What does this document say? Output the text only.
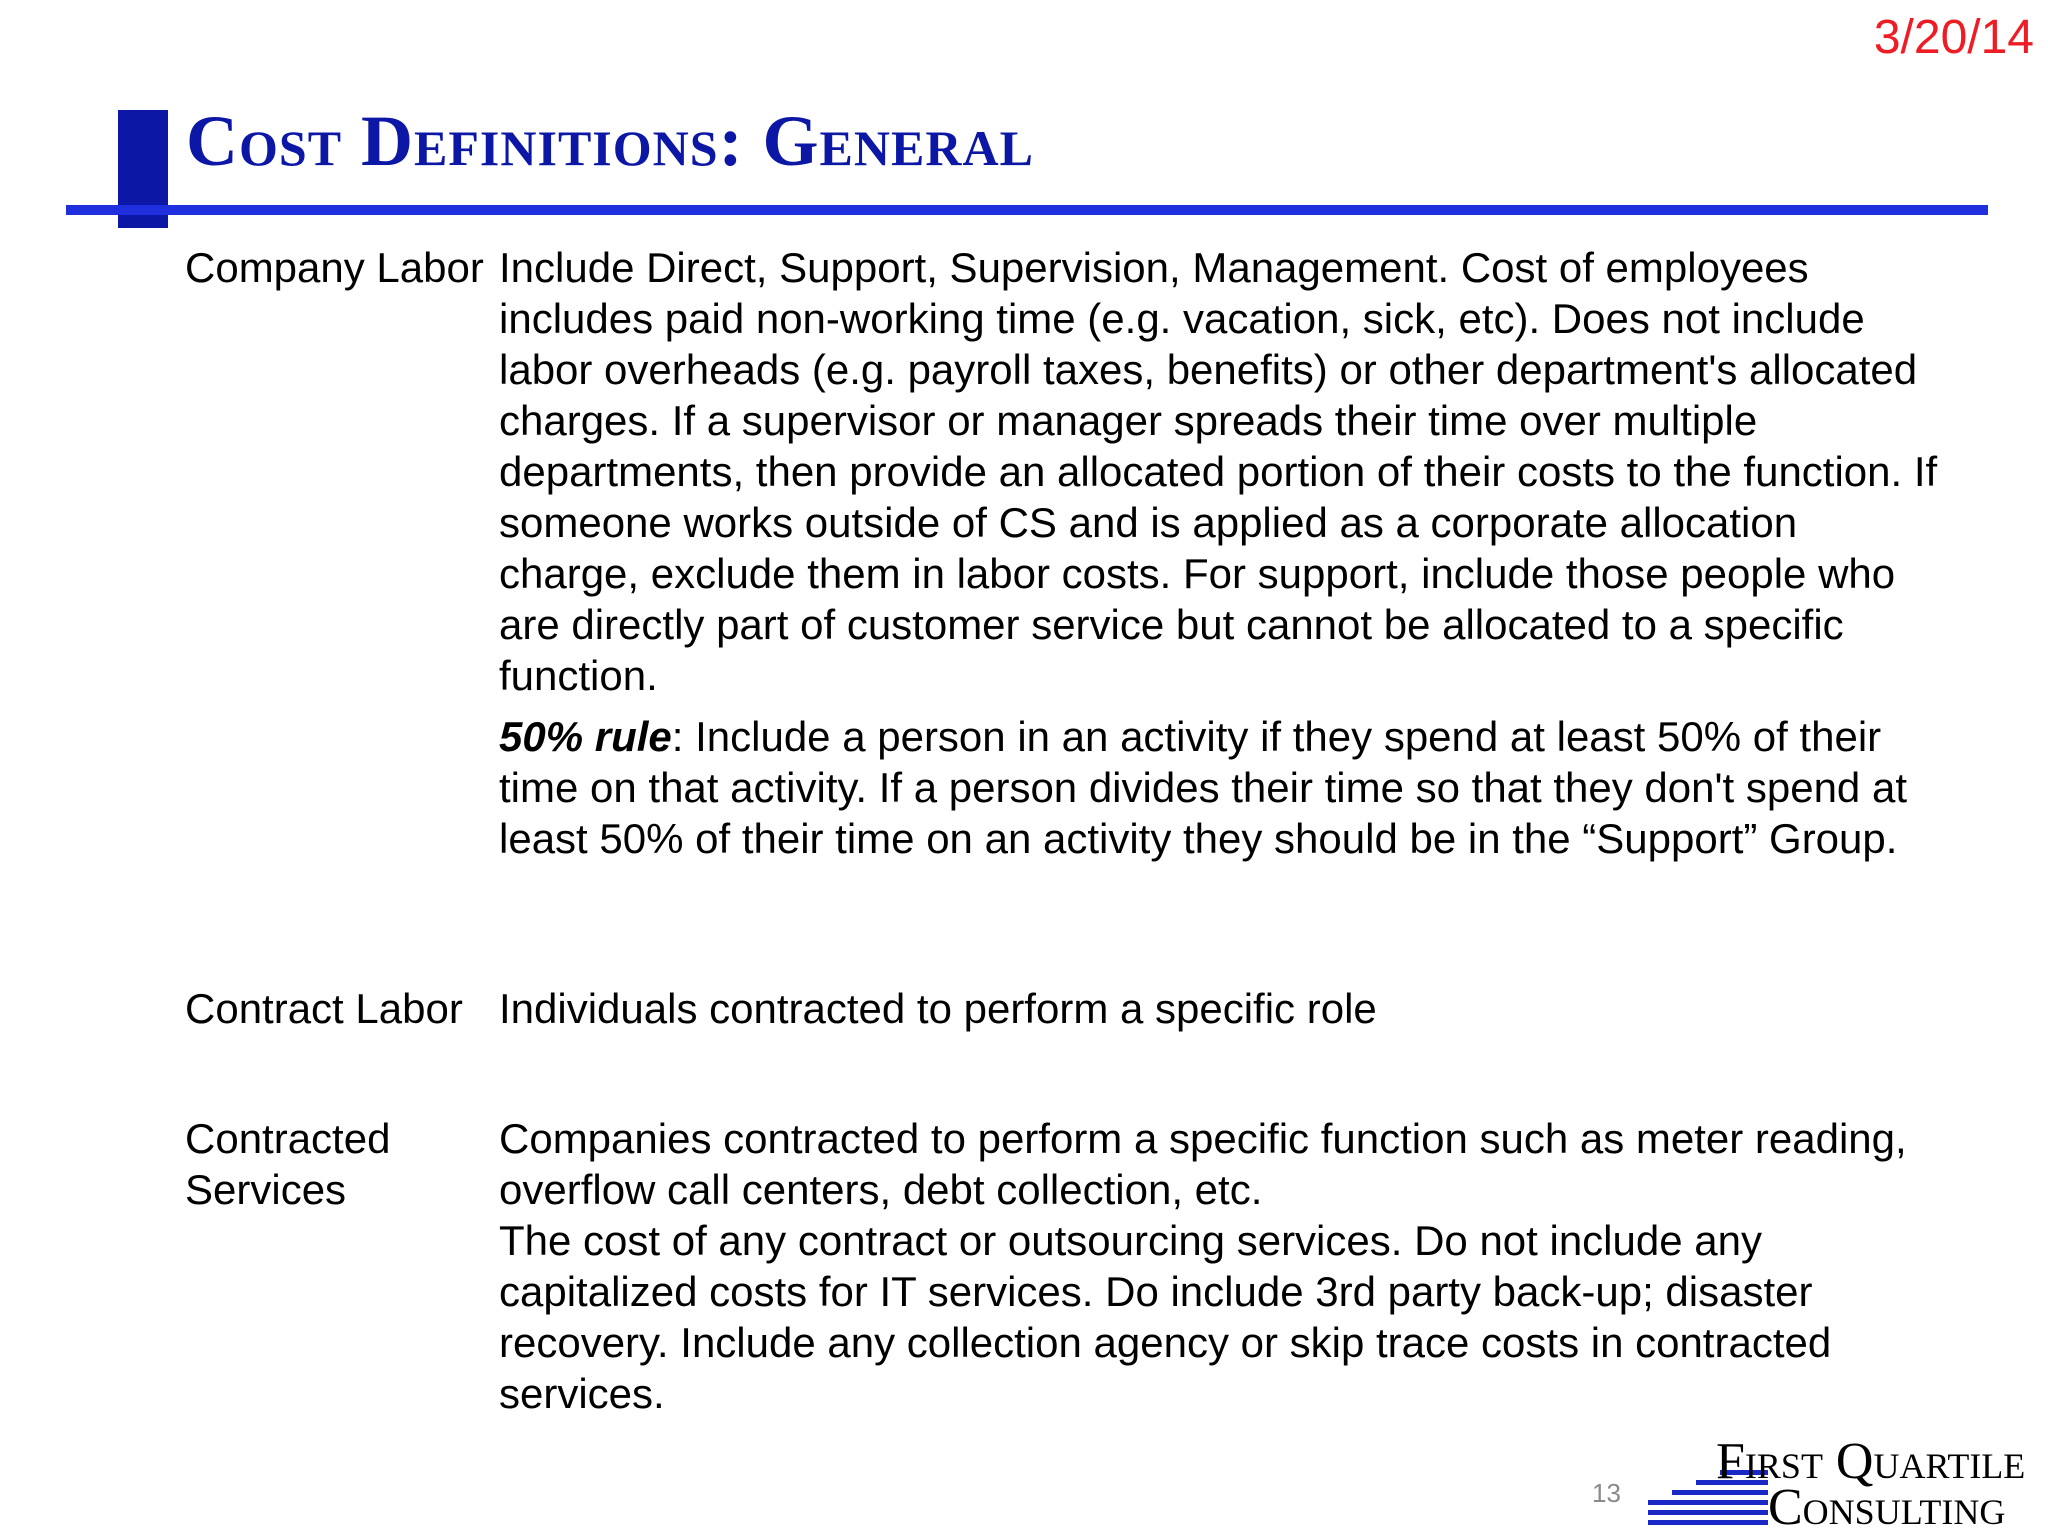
3/20/14
Cost Definitions: General
Company Labor Include Direct, Support, Supervision, Management. Cost of employees includes paid non-working time (e.g. vacation, sick, etc). Does not include labor overheads (e.g. payroll taxes, benefits) or other department's allocated charges. If a supervisor or manager spreads their time over multiple departments, then provide an allocated portion of their costs to the function. If someone works outside of CS and is applied as a corporate allocation charge, exclude them in labor costs. For support, include those people who are directly part of customer service but cannot be allocated to a specific function.

50% rule: Include a person in an activity if they spend at least 50% of their time on that activity. If a person divides their time so that they don't spend at least 50% of their time on an activity they should be in the “Support” Group.

Contract Labor Individuals contracted to perform a specific role

Contracted Services

Companies contracted to perform a specific function such as meter reading, overflow call centers, debt collection, etc.

The cost of any contract or outsourcing services. Do not include any capitalized costs for IT services. Do include 3rd party back-up; disaster recovery. Include any collection agency or skip trace costs in contracted services.

13
First Quartile
Consulting
